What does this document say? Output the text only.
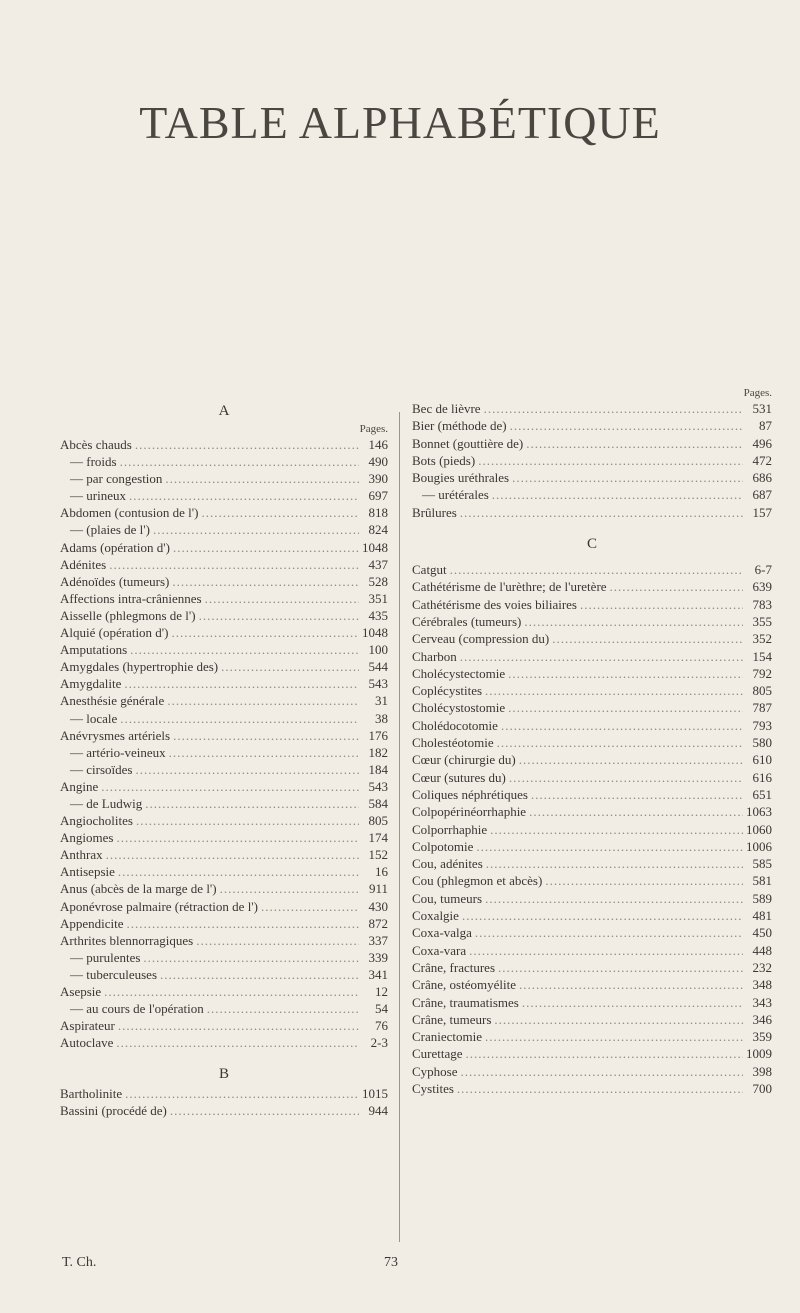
TABLE ALPHABÉTIQUE
A
Pages.
Abcès chauds .....	146
— froids .....	490
— par congestion .....	390
— urineux .....	697
Abdomen (contusion de l') .....	818
— (plaies de l') .....	824
Adams (opération d') .....	1048
Adénites .....	437
Adénoïdes (tumeurs) .....	528
Affections intra-crâniennes .....	351
Aisselle (phlegmons de l') .....	435
Alquié (opération d') .....	1048
Amputations .....	100
Amygdales (hypertrophie des) .....	544
Amygdalite .....	543
Anesthésie générale .....	31
— locale .....	38
Anévrysmes artériels .....	176
— artério-veineux .....	182
— cirsoïdes .....	184
Angine .....	543
— de Ludwig .....	584
Angiocholites .....	805
Angiomes .....	174
Anthrax .....	152
Antisepsie .....	16
Anus (abcès de la marge de l') .....	911
Aponévrose palmaire (rétraction de l') .....	430
Appendicite .....	872
Arthrites blennorragiques .....	337
— purulentes .....	339
— tuberculeuses .....	341
Asepsie .....	12
— au cours de l'opération .....	54
Aspirateur .....	76
Autoclave .....	2-3
B
Bartholinite .....	1015
Bassini (procédé de) .....	944
Pages.
Bec de lièvre .....	531
Bier (méthode de) .....	87
Bonnet (gouttière de) .....	496
Bots (pieds) .....	472
Bougies uréthrales .....	686
— urétérales .....	687
Brûlures .....	157
C
Catgut .....	6-7
Cathétérisme de l'urèthre; de l'uretère .....	639
Cathétérisme des voies biliaires .....	783
Cérébrales (tumeurs) .....	355
Cerveau (compression du) .....	352
Charbon .....	154
Cholécystectomie .....	792
Coplécystites .....	805
Cholécystostomie .....	787
Cholédocotomie .....	793
Cholestéotomie .....	580
Cœur (chirurgie du) .....	610
Cœur (sutures du) .....	616
Coliques néphrétiques .....	651
Colpopérinéorrhaphie .....	1063
Colporrhaphie .....	1060
Colpotomie .....	1006
Cou, adénites .....	585
Cou (phlegmon et abcès) .....	581
Cou, tumeurs .....	589
Coxalgie .....	481
Coxa-valga .....	450
Coxa-vara .....	448
Crâne, fractures .....	232
Crâne, ostéomyélite .....	348
Crâne, traumatismes .....	343
Crâne, tumeurs .....	346
Craniectomie .....	359
Curettage .....	1009
Cyphose .....	398
Cystites .....	700
T. Ch.	73
